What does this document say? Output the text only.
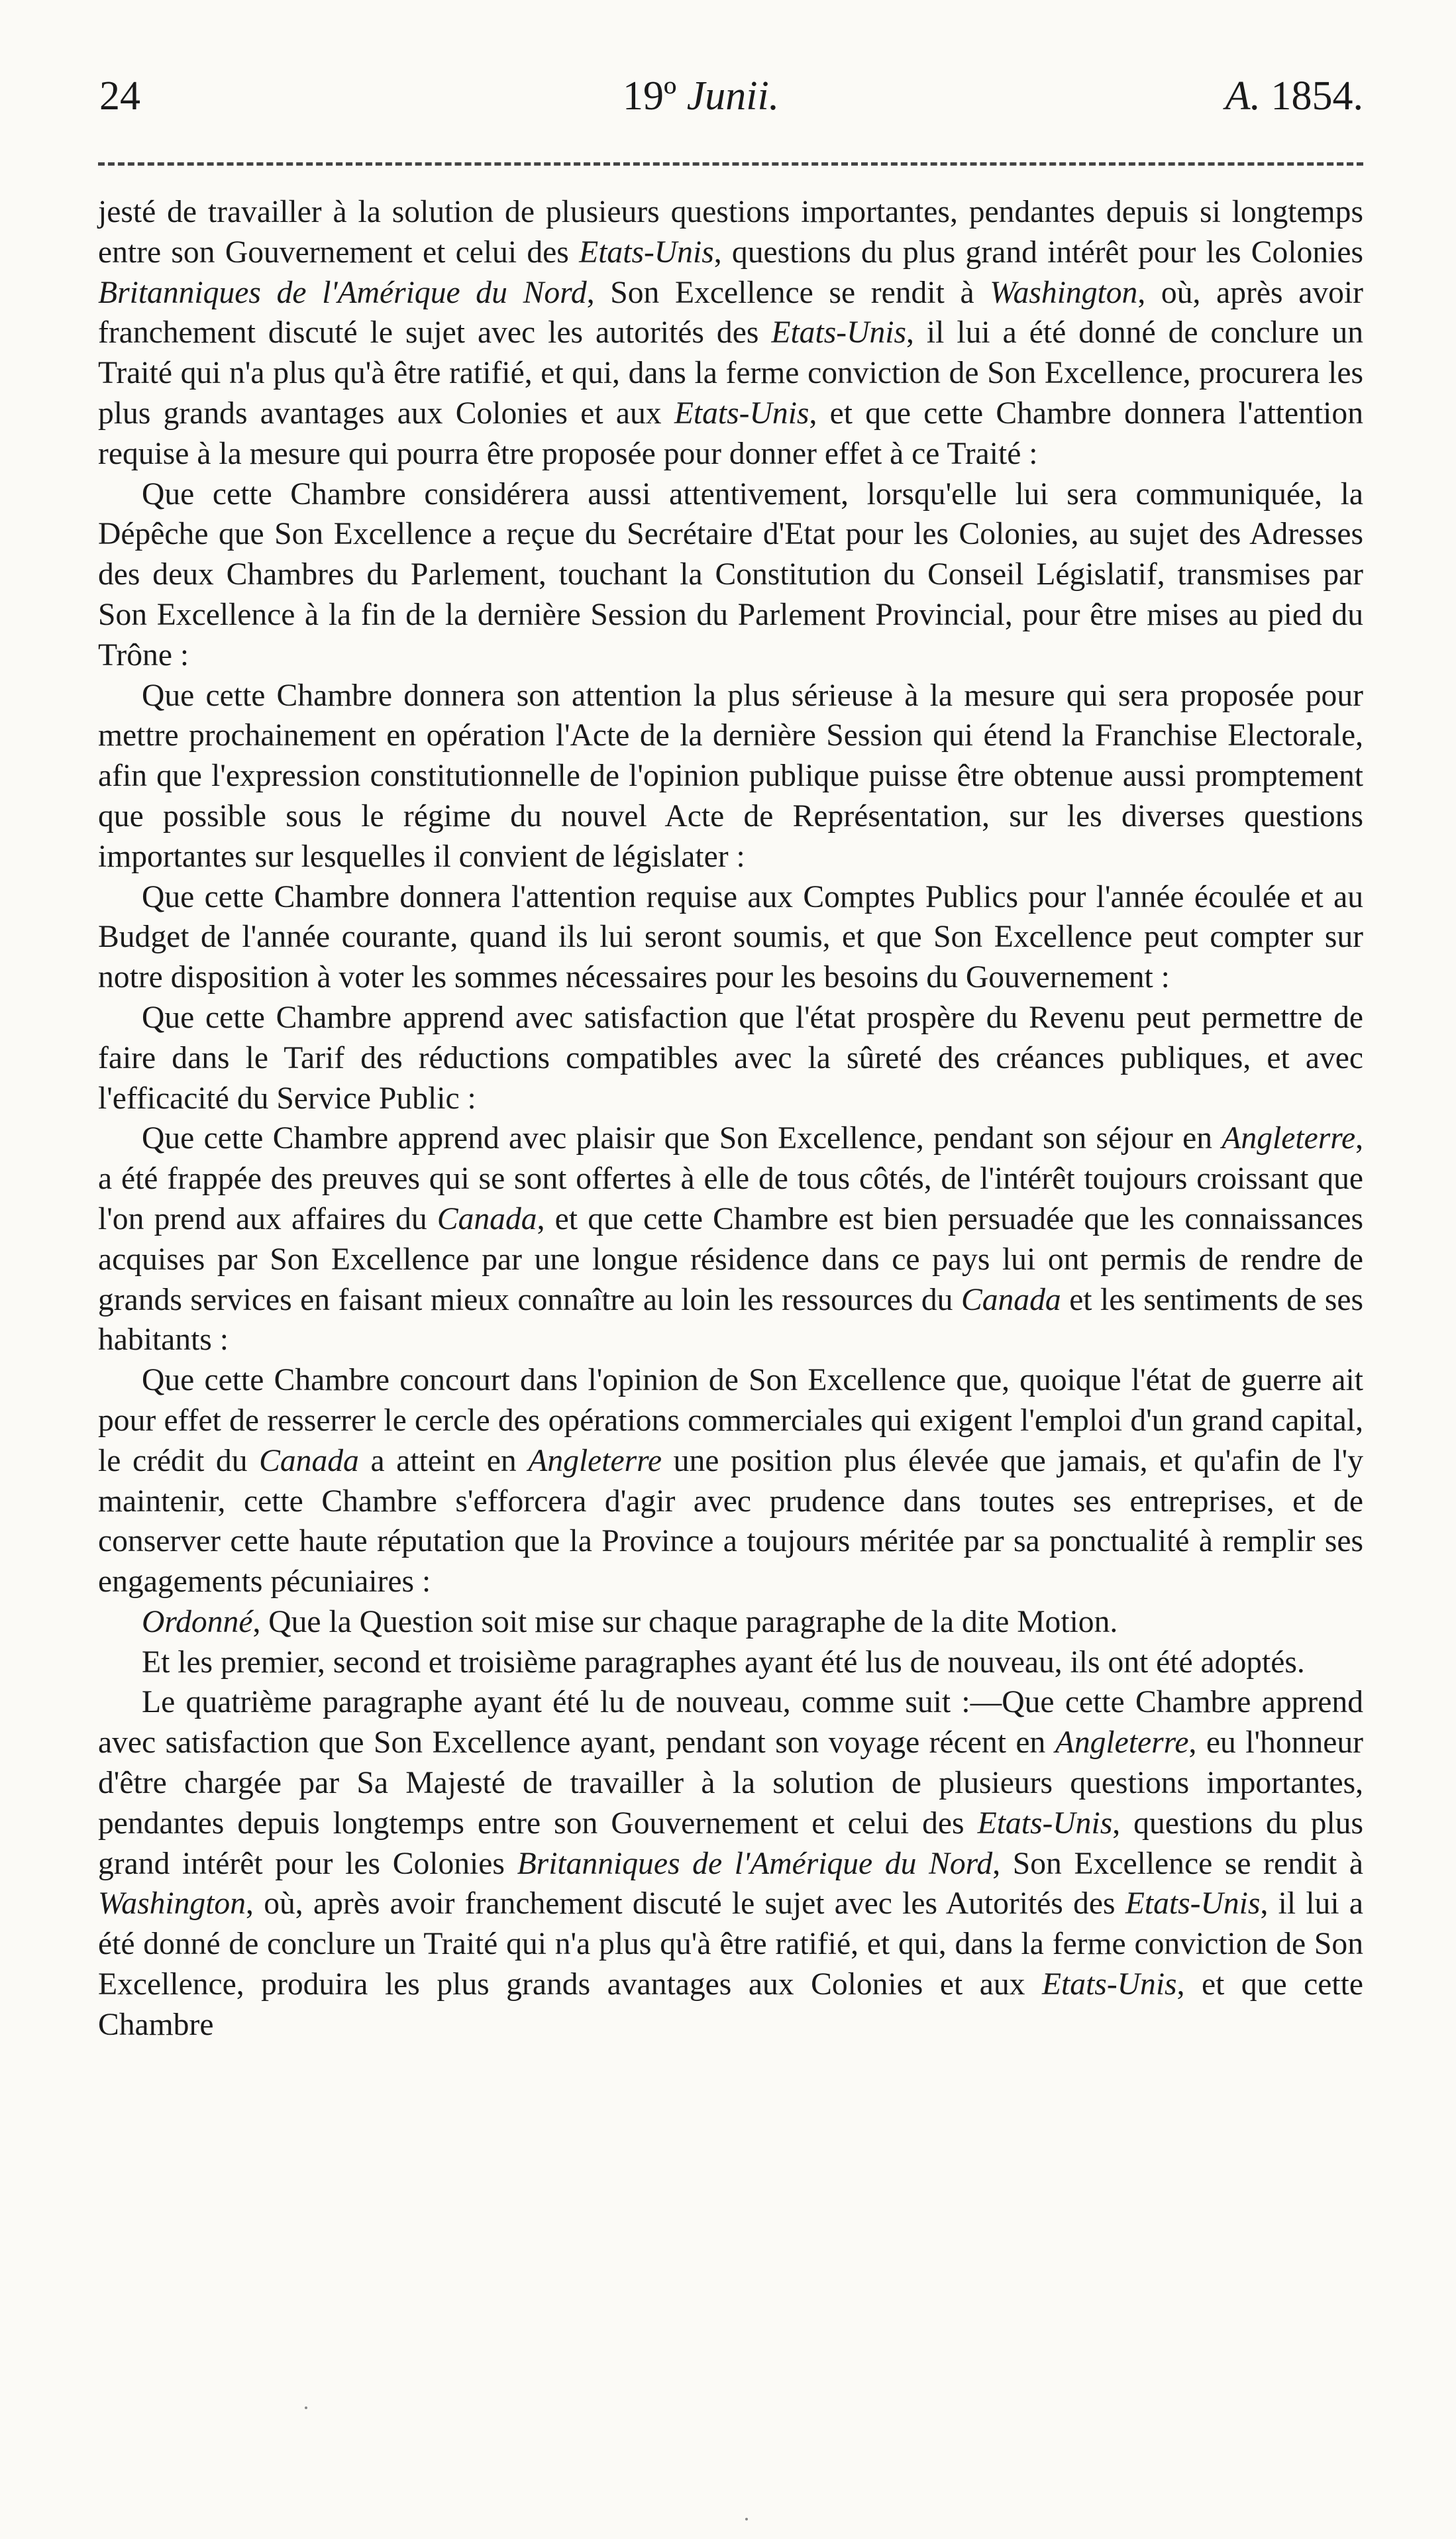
24	19º Junii.	A. 1854.

jesté de travailler à la solution de plusieurs questions importantes, pendantes depuis si longtemps entre son Gouvernement et celui des Etats-Unis, questions du plus grand intérêt pour les Colonies Britanniques de l'Amérique du Nord, Son Excellence se rendit à Washington, où, après avoir franchement discuté le sujet avec les autorités des Etats-Unis, il lui a été donné de conclure un Traité qui n'a plus qu'à être ratifié, et qui, dans la ferme conviction de Son Excellence, procurera les plus grands avantages aux Colonies et aux Etats-Unis, et que cette Chambre donnera l'attention requise à la mesure qui pourra être proposée pour donner effet à ce Traité :

Que cette Chambre considérera aussi attentivement, lorsqu'elle lui sera communiquée, la Dépêche que Son Excellence a reçue du Secrétaire d'Etat pour les Colonies, au sujet des Adresses des deux Chambres du Parlement, touchant la Constitution du Conseil Législatif, transmises par Son Excellence à la fin de la dernière Session du Parlement Provincial, pour être mises au pied du Trône :

Que cette Chambre donnera son attention la plus sérieuse à la mesure qui sera proposée pour mettre prochainement en opération l'Acte de la dernière Session qui étend la Franchise Electorale, afin que l'expression constitutionnelle de l'opinion publique puisse être obtenue aussi promptement que possible sous le régime du nouvel Acte de Représentation, sur les diverses questions importantes sur lesquelles il convient de législater :

Que cette Chambre donnera l'attention requise aux Comptes Publics pour l'année écoulée et au Budget de l'année courante, quand ils lui seront soumis, et que Son Excellence peut compter sur notre disposition à voter les sommes nécessaires pour les besoins du Gouvernement :

Que cette Chambre apprend avec satisfaction que l'état prospère du Revenu peut permettre de faire dans le Tarif des réductions compatibles avec la sûreté des créances publiques, et avec l'efficacité du Service Public :

Que cette Chambre apprend avec plaisir que Son Excellence, pendant son séjour en Angleterre, a été frappée des preuves qui se sont offertes à elle de tous côtés, de l'intérêt toujours croissant que l'on prend aux affaires du Canada, et que cette Chambre est bien persuadée que les connaissances acquises par Son Excellence par une longue résidence dans ce pays lui ont permis de rendre de grands services en faisant mieux connaître au loin les ressources du Canada et les sentiments de ses habitants :

Que cette Chambre concourt dans l'opinion de Son Excellence que, quoique l'état de guerre ait pour effet de resserrer le cercle des opérations commerciales qui exigent l'emploi d'un grand capital, le crédit du Canada a atteint en Angleterre une position plus élevée que jamais, et qu'afin de l'y maintenir, cette Chambre s'efforcera d'agir avec prudence dans toutes ses entreprises, et de conserver cette haute réputation que la Province a toujours méritée par sa ponctualité à remplir ses engagements pécuniaires :

Ordonné, Que la Question soit mise sur chaque paragraphe de la dite Motion.

Et les premier, second et troisième paragraphes ayant été lus de nouveau, ils ont été adoptés.

Le quatrième paragraphe ayant été lu de nouveau, comme suit :—Que cette Chambre apprend avec satisfaction que Son Excellence ayant, pendant son voyage récent en Angleterre, eu l'honneur d'être chargée par Sa Majesté de travailler à la solution de plusieurs questions importantes, pendantes depuis longtemps entre son Gouvernement et celui des Etats-Unis, questions du plus grand intérêt pour les Colonies Britanniques de l'Amérique du Nord, Son Excellence se rendit à Washington, où, après avoir franchement discuté le sujet avec les Autorités des Etats-Unis, il lui a été donné de conclure un Traité qui n'a plus qu'à être ratifié, et qui, dans la ferme conviction de Son Excellence, produira les plus grands avantages aux Colonies et aux Etats-Unis, et que cette Chambre
